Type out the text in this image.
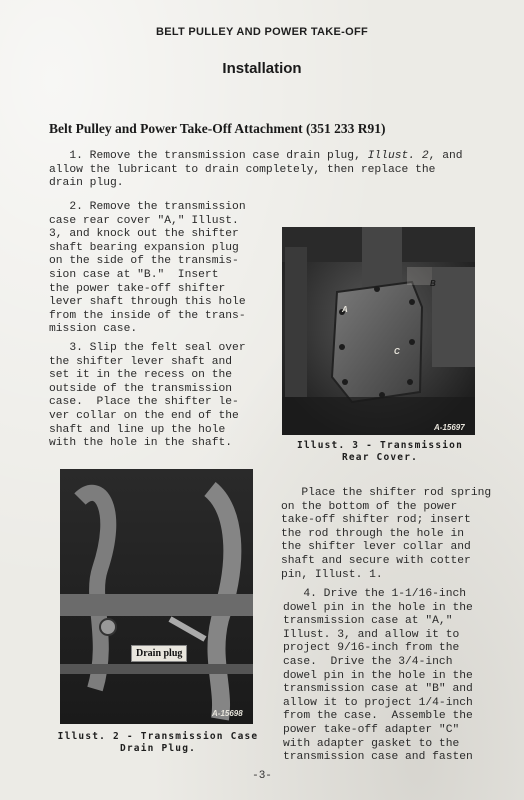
BELT PULLEY AND POWER TAKE-OFF
Installation
Belt Pulley and Power Take-Off Attachment (351 233 R91)
1. Remove the transmission case drain plug, Illust. 2, and
allow the lubricant to drain completely, then replace the
drain plug.
2. Remove the transmission
case rear cover "A," Illust.
3, and knock out the shifter
shaft bearing expansion plug
on the side of the transmis-
sion case at "B."  Insert
the power take-off shifter
lever shaft through this hole
from the inside of the trans-
mission case.
3. Slip the felt seal over
the shifter lever shaft and
set it in the recess on the
outside of the transmission
case.  Place the shifter le-
ver collar on the end of the
shaft and line up the hole
with the hole in the shaft.
B
A
C
A-15697
Illust. 3 - Transmission
Rear Cover.
Drain plug
A-15698
Illust. 2 - Transmission Case
Drain Plug.
Place the shifter rod spring
on the bottom of the power
take-off shifter rod; insert
the rod through the hole in
the shifter lever collar and
shaft and secure with cotter
pin, Illust. 1.
4. Drive the 1-1/16-inch
dowel pin in the hole in the
transmission case at "A,"
Illust. 3, and allow it to
project 9/16-inch from the
case.  Drive the 3/4-inch
dowel pin in the hole in the
transmission case at "B" and
allow it to project 1/4-inch
from the case.  Assemble the
power take-off adapter "C"
with adapter gasket to the
transmission case and fasten
-3-
